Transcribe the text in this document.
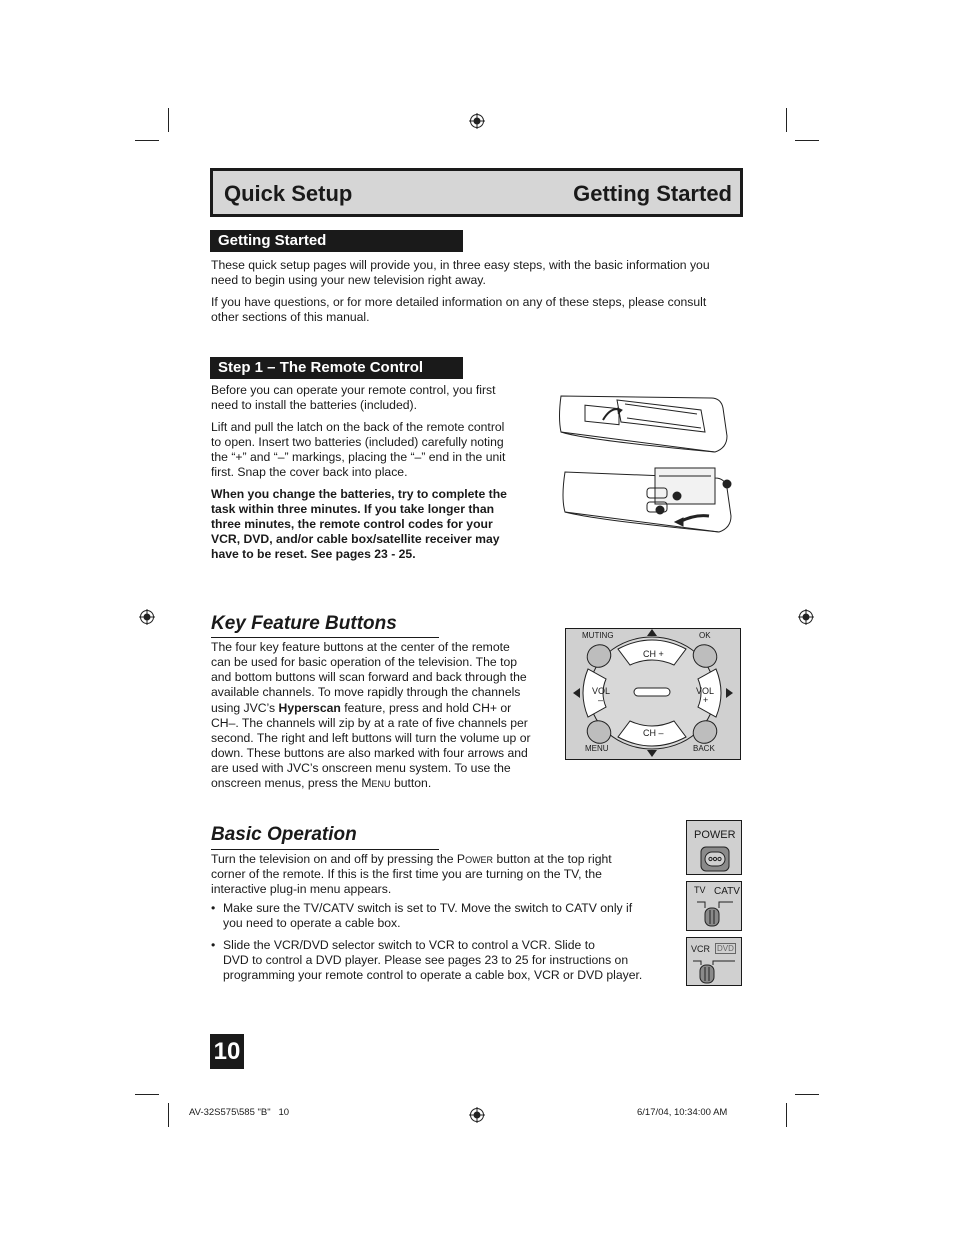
Quick Setup	Getting Started
Getting Started

These quick setup pages will provide you, in three easy steps, with the basic information you

need to begin using your new television right away.

If you have questions, or for more detailed information on any of these steps, please consult

other sections of this manual.

Step 1 – The Remote Control

Before you can operate your remote control, you first

need to install the batteries (included).

Lift and pull the latch on the back of the remote control

to open. Insert two batteries (included) carefully noting

the “+” and “–” markings, placing the “–” end in the unit

first. Snap the cover back into place.

When you change the batteries, try to complete the

task within three minutes. If you take longer than

three minutes, the remote control codes for your

VCR, DVD, and/or cable box/satellite receiver may

have to be reset. See pages 23 - 25.

Key Feature Buttons

The four key feature buttons at the center of the remote

can be used for basic operation of the television. The top

and bottom buttons will scan forward and back through the

available channels. To move rapidly through the channels

using JVC’s Hyperscan feature, press and hold CH+ or

CH–. The channels will zip by at a rate of five channels per

second. The right and left buttons will turn the volume up or

down. These buttons are also marked with four arrows and

are used with JVC’s onscreen menu system. To use the

onscreen menus, press the MENU button.

MUTING	OK
CH +
VOL
–
VOL
+
CH –
MENU	BACK
Basic Operation

Turn the television on and off by pressing the POWER button at the top right

corner of the remote. If this is the first time you are turning on the TV, the

interactive plug-in menu appears.

• Make sure the TV/CATV switch is set to TV. Move the switch to CATV only if
you need to operate a cable box.
• Slide the VCR/DVD selector switch to VCR to control a VCR. Slide to
DVD to control a DVD player. Please see pages 23 to 25 for instructions on
programming your remote control to operate a cable box, VCR or DVD player.
POWER
TV CATV
VCR DVD
10
AV-32S575\585 "B"   10	6/17/04, 10:34:00 AM
